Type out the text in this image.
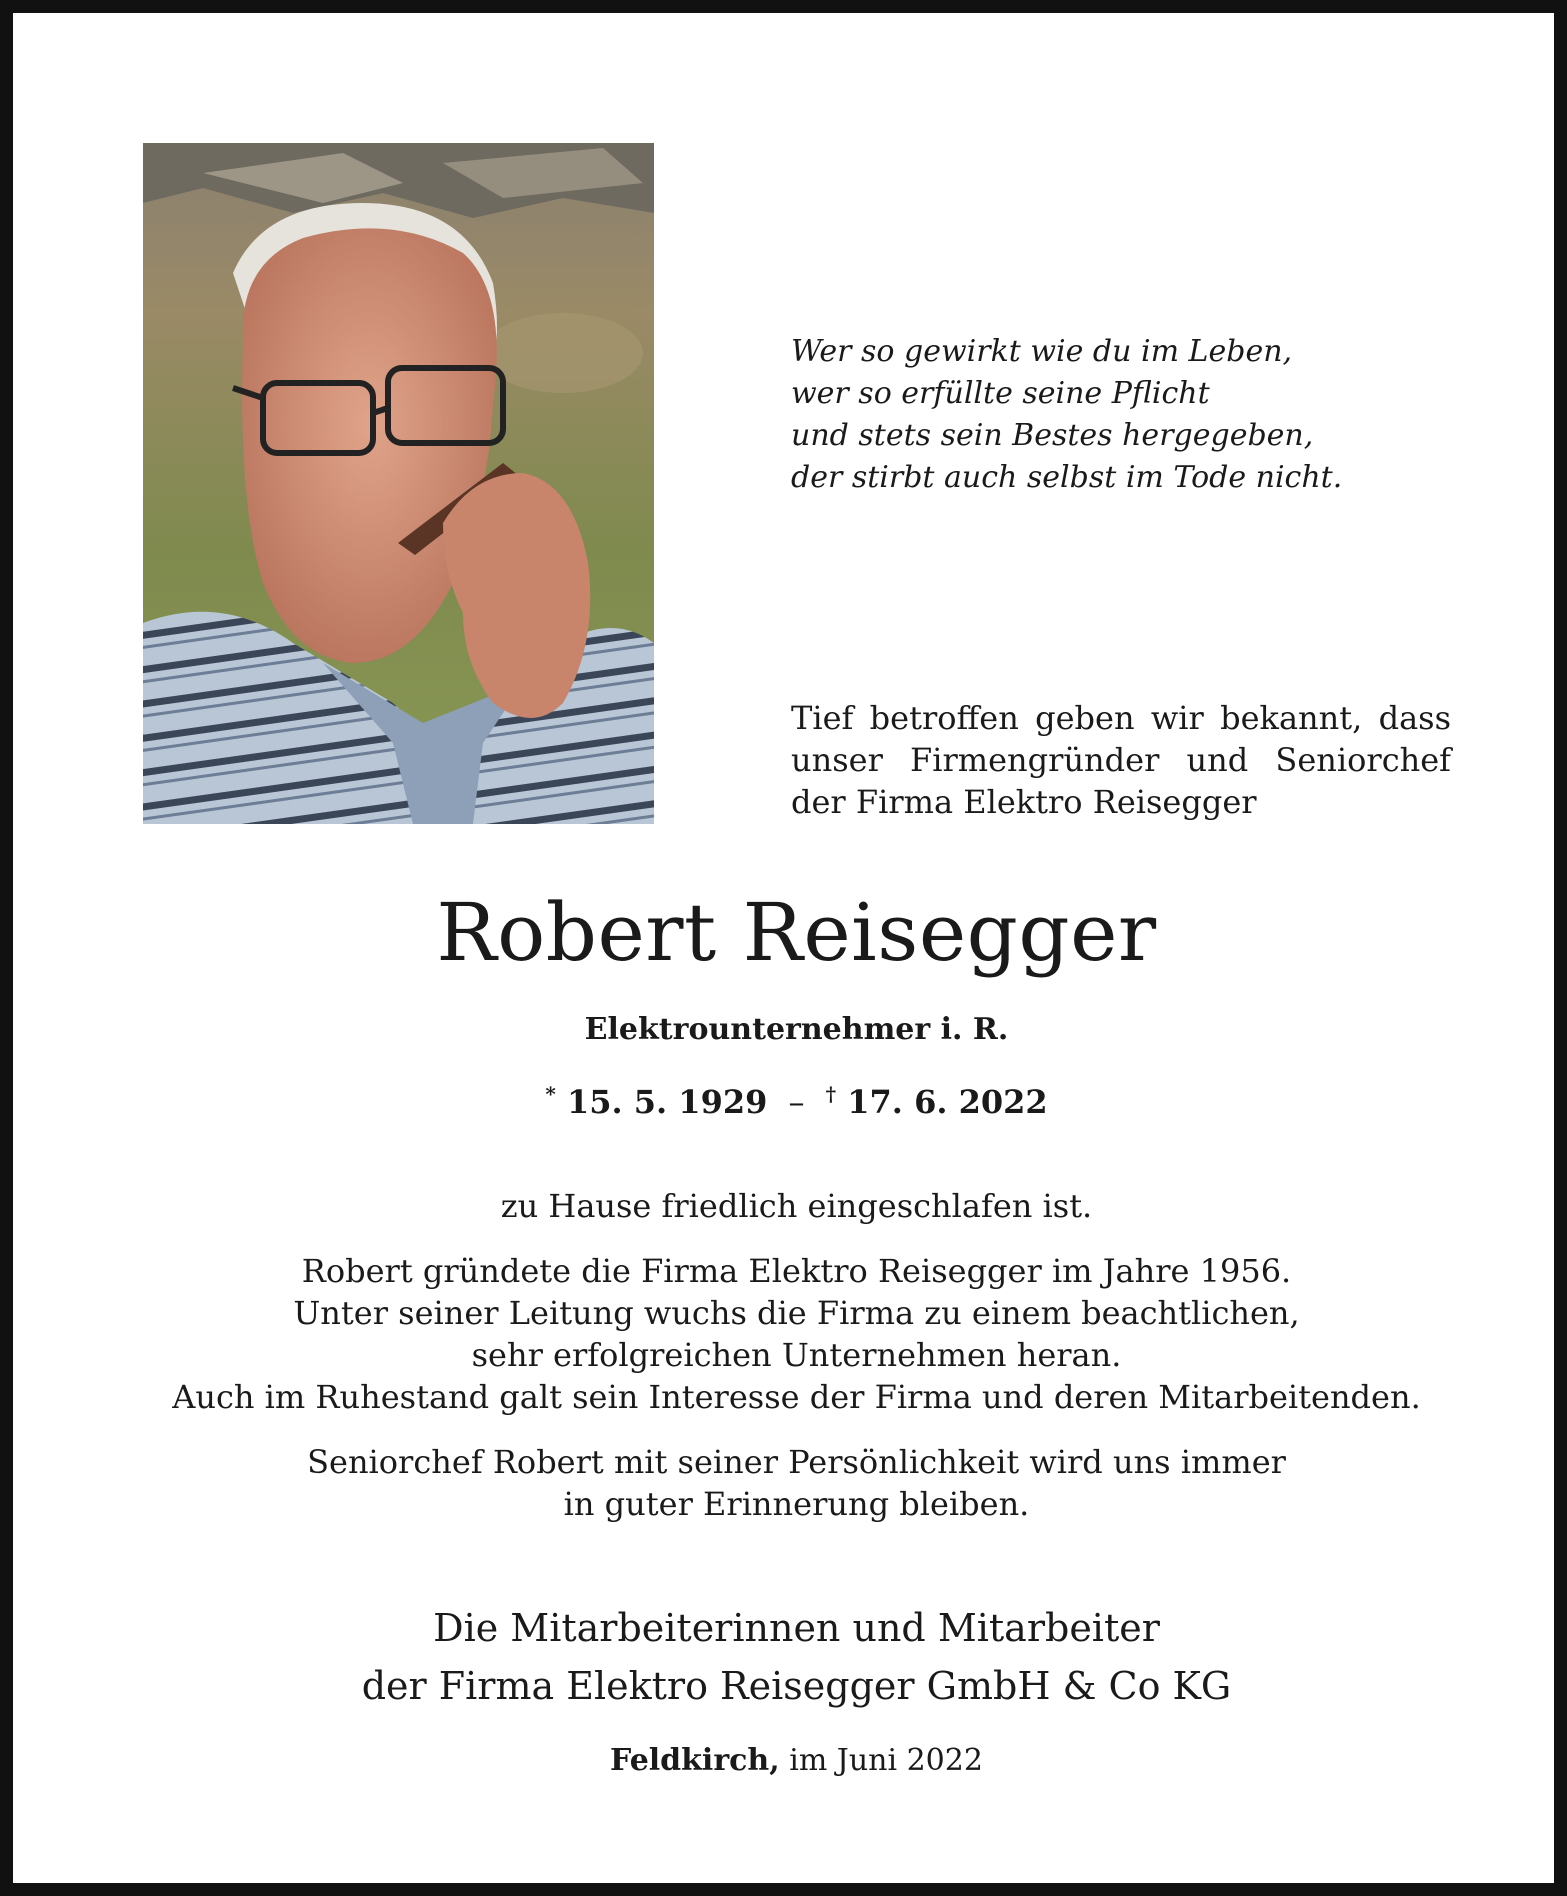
Wer so gewirkt wie du im Leben,
wer so erfüllte seine Pflicht
und stets sein Bestes hergegeben,
der stirbt auch selbst im Tode nicht.
Tief betroffen geben wir bekannt, dass
unser Firmengründer und Seniorchef
der Firma Elektro Reisegger
Robert Reisegger
Elektrounternehmer i. R.
* 15. 5. 1929 – † 17. 6. 2022
zu Hause friedlich eingeschlafen ist.
Robert gründete die Firma Elektro Reisegger im Jahre 1956.
Unter seiner Leitung wuchs die Firma zu einem beachtlichen,
sehr erfolgreichen Unternehmen heran.
Auch im Ruhestand galt sein Interesse der Firma und deren Mitarbeitenden.
Seniorchef Robert mit seiner Persönlichkeit wird uns immer
in guter Erinnerung bleiben.
Die Mitarbeiterinnen und Mitarbeiter
der Firma Elektro Reisegger GmbH & Co KG
Feldkirch, im Juni 2022
